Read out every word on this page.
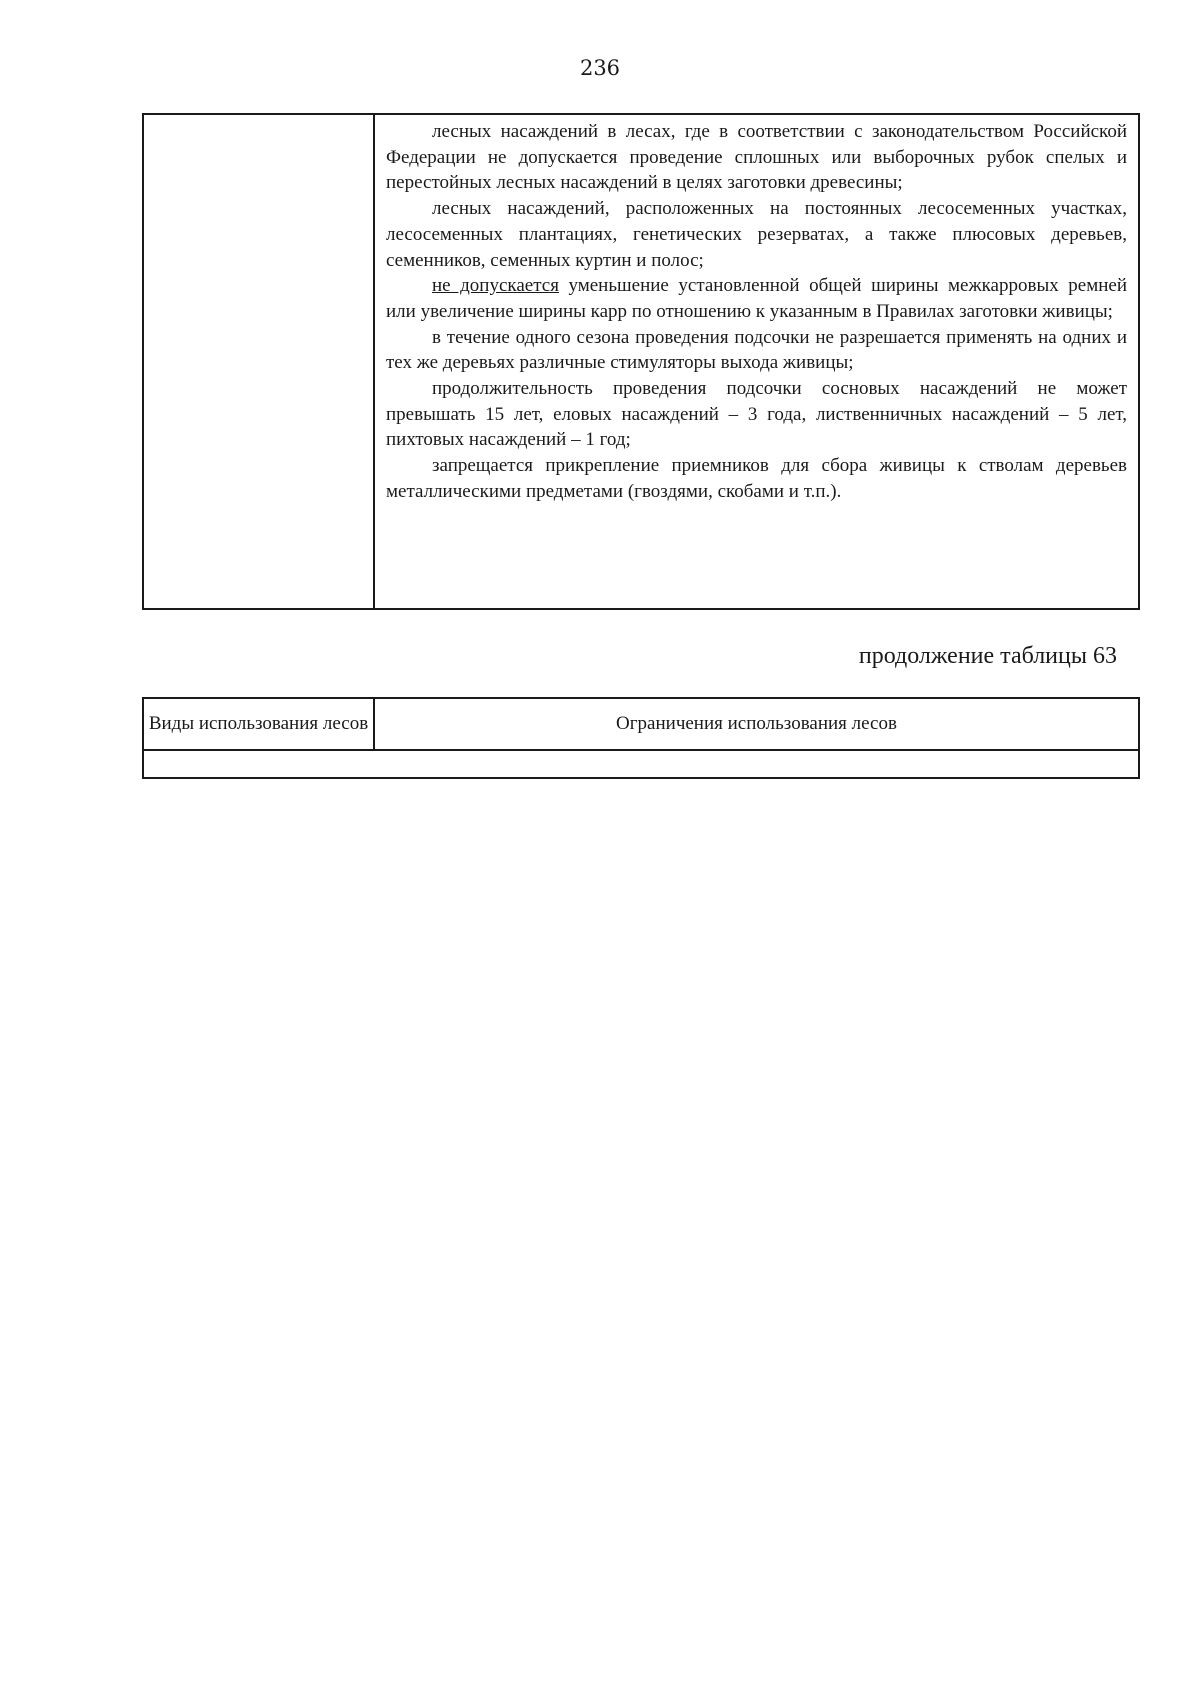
236

лесных насаждений в лесах, где в соответствии с законодательством Российской Федерации не допускается проведение сплошных или выборочных рубок спелых и перестойных лесных насаждений в целях заготовки древесины;

лесных насаждений, расположенных на постоянных лесосеменных участках, лесосеменных плантациях, генетических резерватах, а также плюсовых деревьев, семенников, семенных куртин и полос;

не допускается уменьшение установленной общей ширины межкарровых ремней или увеличение ширины карр по отношению к указанным в Правилах заготовки живицы;

в течение одного сезона проведения подсочки не разрешается применять на одних и тех же деревьях различные стимуляторы выхода живицы;

продолжительность проведения подсочки сосновых насаждений не может превышать 15 лет, еловых насаждений – 3 года, лиственничных насаждений – 5 лет, пихтовых насаждений – 1 год;

запрещается прикрепление приемников для сбора живицы к стволам деревьев металлическими предметами (гвоздями, скобами и т.п.).

продолжение таблицы 63
Виды использования лесов	Ограничения использования лесов
